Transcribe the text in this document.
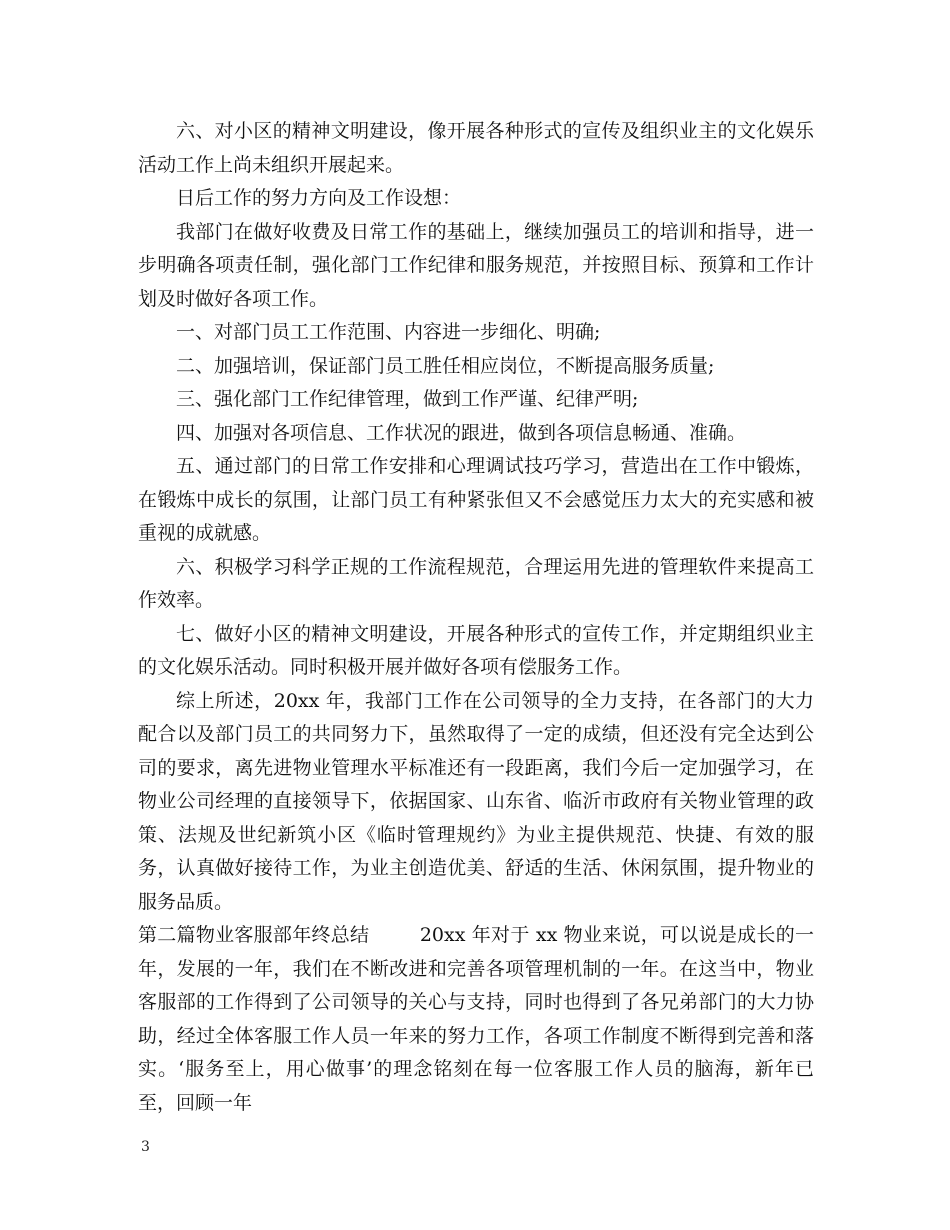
六、对小区的精神文明建设，像开展各种形式的宣传及组织业主的文化娱乐活动工作上尚未组织开展起来。

日后工作的努力方向及工作设想：

我部门在做好收费及日常工作的基础上，继续加强员工的培训和指导，进一步明确各项责任制，强化部门工作纪律和服务规范，并按照目标、预算和工作计划及时做好各项工作。

一、对部门员工工作范围、内容进一步细化、明确;

二、加强培训，保证部门员工胜任相应岗位，不断提高服务质量;

三、强化部门工作纪律管理，做到工作严谨、纪律严明;

四、加强对各项信息、工作状况的跟进，做到各项信息畅通、准确。

五、通过部门的日常工作安排和心理调试技巧学习，营造出在工作中锻炼，在锻炼中成长的氛围，让部门员工有种紧张但又不会感觉压力太大的充实感和被重视的成就感。

六、积极学习科学正规的工作流程规范，合理运用先进的管理软件来提高工作效率。

七、做好小区的精神文明建设，开展各种形式的宣传工作，并定期组织业主的文化娱乐活动。同时积极开展并做好各项有偿服务工作。

综上所述，20xx 年，我部门工作在公司领导的全力支持，在各部门的大力配合以及部门员工的共同努力下，虽然取得了一定的成绩，但还没有完全达到公司的要求，离先进物业管理水平标准还有一段距离，我们今后一定加强学习，在物业公司经理的直接领导下，依据国家、山东省、临沂市政府有关物业管理的政策、法规及世纪新筑小区《临时管理规约》为业主提供规范、快捷、有效的服务，认真做好接待工作，为业主创造优美、舒适的生活、休闲氛围，提升物业的服务品质。

第二篇物业客服部年终总结	20xx 年对于 xx 物业来说，可以说是成长的一年，发展的一年，我们在不断改进和完善各项管理机制的一年。在这当中，物业客服部的工作得到了公司领导的关心与支持，同时也得到了各兄弟部门的大力协助，经过全体客服工作人员一年来的努力工作，各项工作制度不断得到完善和落实。‘服务至上，用心做事’的理念铭刻在每一位客服工作人员的脑海，新年已至，回顾一年

3
